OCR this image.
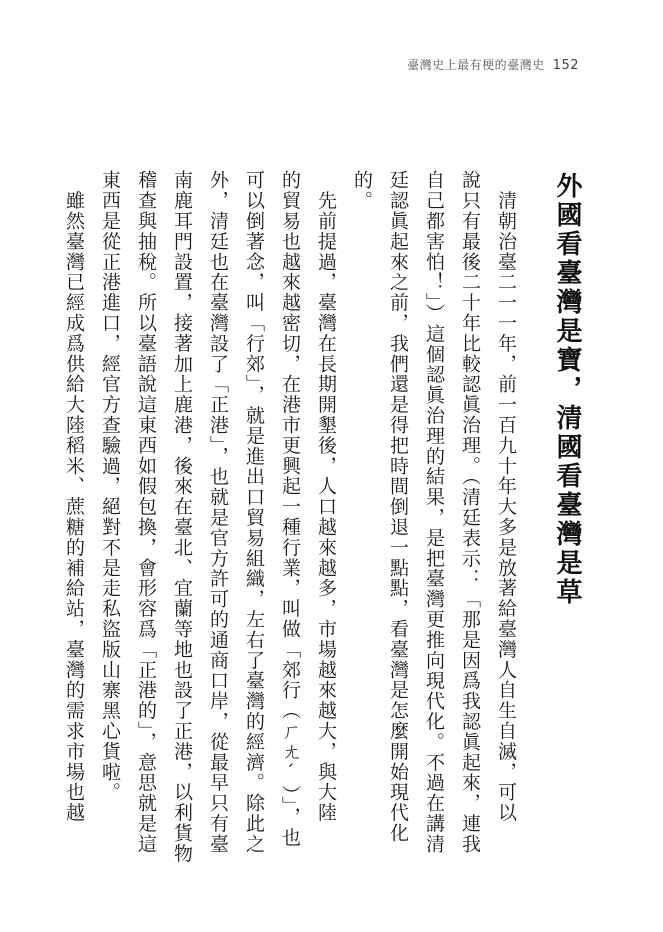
臺灣史上最有梗的臺灣史 152
外國看臺灣是寶，清國看臺灣是草
　清朝治臺二一一年，前一百九十年大多是放著給臺灣人自生自滅，可以
說只有最後二十年比較認眞治理。（清廷表示：「那是因爲我認眞起來，連我
自己都害怕！」）這個認眞治理的結果，是把臺灣更推向現代化。不過在講清
廷認眞起來之前，我們還是得把時間倒退一點點，看臺灣是怎麼開始現代化
的。
　先前提過，臺灣在長期開墾後，人口越來越多，市場越來越大，與大陸
的貿易也越來越密切，在港市更興起一種行業，叫做「郊行（ㄏㄤˊ）」，也
可以倒著念，叫「行郊」，就是進出口貿易組織，左右了臺灣的經濟。除此之
外，清廷也在臺灣設了「正港」，也就是官方許可的通商口岸，從最早只有臺
南鹿耳門設置，接著加上鹿港，後來在臺北、宜蘭等地也設了正港，以利貨物
稽查與抽稅。所以臺語說這東西如假包換，會形容爲「正港的」，意思就是這
東西是從正港進口，經官方查驗過，絕對不是走私盜版山寨黑心貨啦。
　雖然臺灣已經成爲供給大陸稻米、蔗糖的補給站，臺灣的需求市場也越
